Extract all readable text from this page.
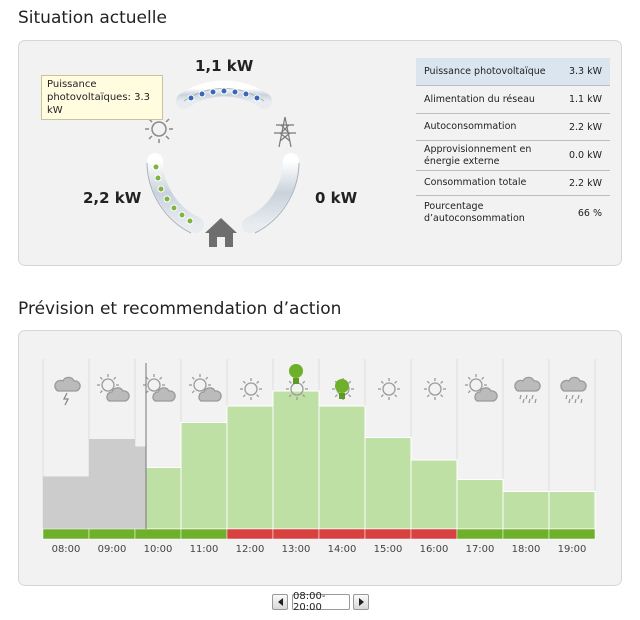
Situation actuelle
1,1 kW
2,2 kW	0 kW
Puissance
photovoltaïques: 3.3 kW
Puissance photovoltaïque	3.3 kW
Alimentation du réseau	1.1 kW
Autoconsommation	2.2 kW
Approvisionnement en énergie externe	0.0 kW
Consommation totale	2.2 kW
Pourcentage d’autoconsommation	66 %
Prévision et recommendation d’action
08:00 09:00 10:00 11:00 12:00 13:00 14:00 15:00 16:00 17:00 18:00 19:00
08:00-20:00
